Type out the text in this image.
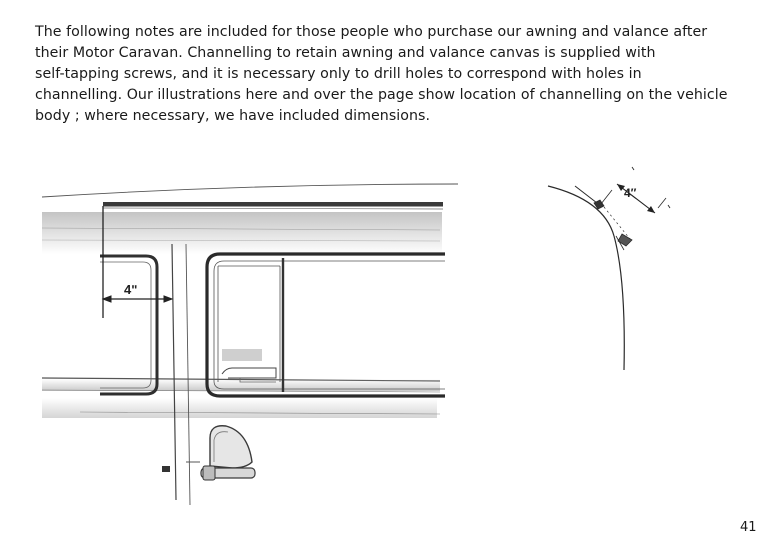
The following notes are included for those people who purchase our awning and valance after
their Motor Caravan. Channelling to retain awning and valance canvas is supplied with
self-tapping screws, and it is necessary only to drill holes to correspond with holes in
channelling. Our illustrations here and over the page show location of channelling on the vehicle
body ; where necessary, we have included dimensions.

4ʺ
4″
41
